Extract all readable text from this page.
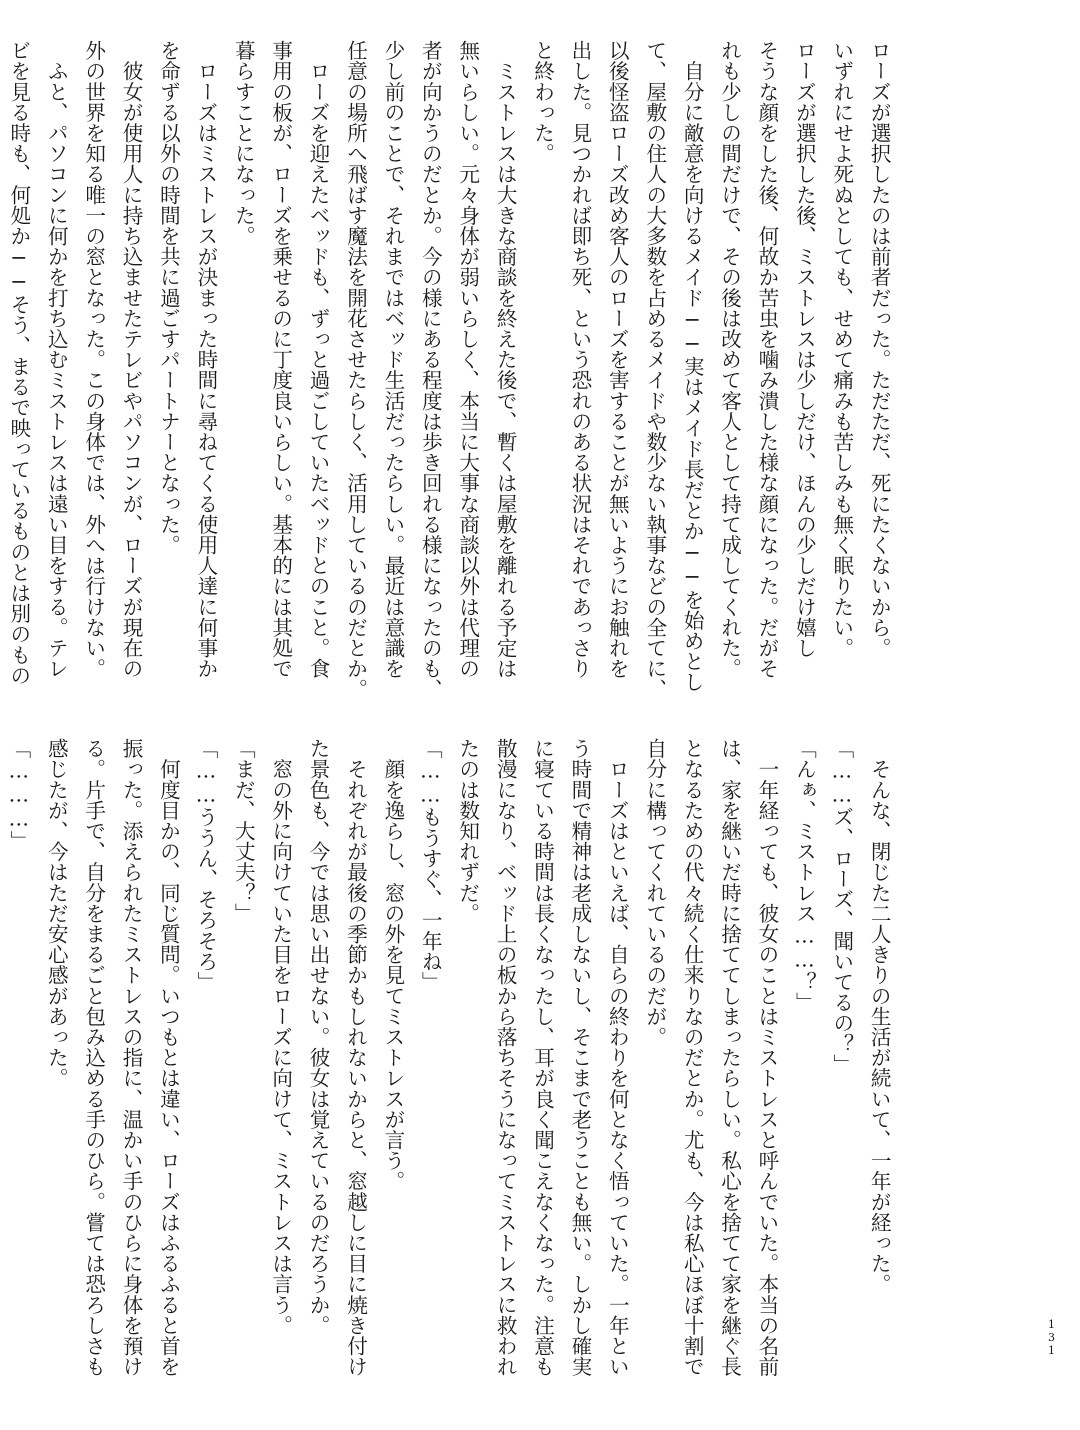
ローズが選択したのは前者だった。ただただ、死にたくないから。
いずれにせよ死ぬとしても、せめて痛みも苦しみも無く眠りたい。
ローズが選択した後、ミストレスは少しだけ、ほんの少しだけ嬉し
そうな顔をした後、何故か苦虫を噛み潰した様な顔になった。だがそ
れも少しの間だけで、その後は改めて客人として持て成してくれた。
　自分に敵意を向けるメイド──実はメイド長だとか──を始めとし
て、屋敷の住人の大多数を占めるメイドや数少ない執事などの全てに、
以後怪盗ローズ改め客人のローズを害することが無いようにお触れを
出した。見つかれば即ち死、という恐れのある状況はそれであっさり
と終わった。
　ミストレスは大きな商談を終えた後で、暫くは屋敷を離れる予定は
無いらしい。元々身体が弱いらしく、本当に大事な商談以外は代理の
者が向かうのだとか。今の様にある程度は歩き回れる様になったのも、
少し前のことで、それまではベッド生活だったらしい。最近は意識を
任意の場所へ飛ばす魔法を開花させたらしく、活用しているのだとか。
　ローズを迎えたベッドも、ずっと過ごしていたベッドとのこと。食
事用の板が、ローズを乗せるのに丁度良いらしい。基本的には其処で
暮らすことになった。
　ローズはミストレスが決まった時間に尋ねてくる使用人達に何事か
を命ずる以外の時間を共に過ごすパートナーとなった。
　彼女が使用人に持ち込ませたテレビやパソコンが、ローズが現在の
外の世界を知る唯一の窓となった。この身体では、外へは行けない。
　ふと、パソコンに何かを打ち込むミストレスは遠い目をする。テレ
ビを見る時も、何処か──そう、まるで映っているものとは別のもの

　そんな、閉じた二人きりの生活が続いて、一年が経った。
「……ズ、ローズ、聞いてるの？」
「んぁ、ミストレス……？」
　一年経っても、彼女のことはミストレスと呼んでいた。本当の名前
は、家を継いだ時に捨ててしまったらしい。私心を捨てて家を継ぐ長
となるための代々続く仕来りなのだとか。尤も、今は私心ほぼ十割で
自分に構ってくれているのだが。
　ローズはといえば、自らの終わりを何となく悟っていた。一年とい
う時間で精神は老成しないし、そこまで老うことも無い。しかし確実
に寝ている時間は長くなったし、耳が良く聞こえなくなった。注意も
散漫になり、ベッド上の板から落ちそうになってミストレスに救われ
たのは数知れずだ。
「……もうすぐ、一年ね」
　顔を逸らし、窓の外を見てミストレスが言う。
　それぞれが最後の季節かもしれないからと、窓越しに目に焼き付け
た景色も、今では思い出せない。彼女は覚えているのだろうか。
　窓の外に向けていた目をローズに向けて、ミストレスは言う。
「まだ、大丈夫？」
「……ううん、そろそろ」
　何度目かの、同じ質問。いつもとは違い、ローズはふるふると首を
振った。添えられたミストレスの指に、温かい手のひらに身体を預け
る。片手で、自分をまるごと包み込める手のひら。嘗ては恐ろしさも
感じたが、今はただ安心感があった。
「………」

131
